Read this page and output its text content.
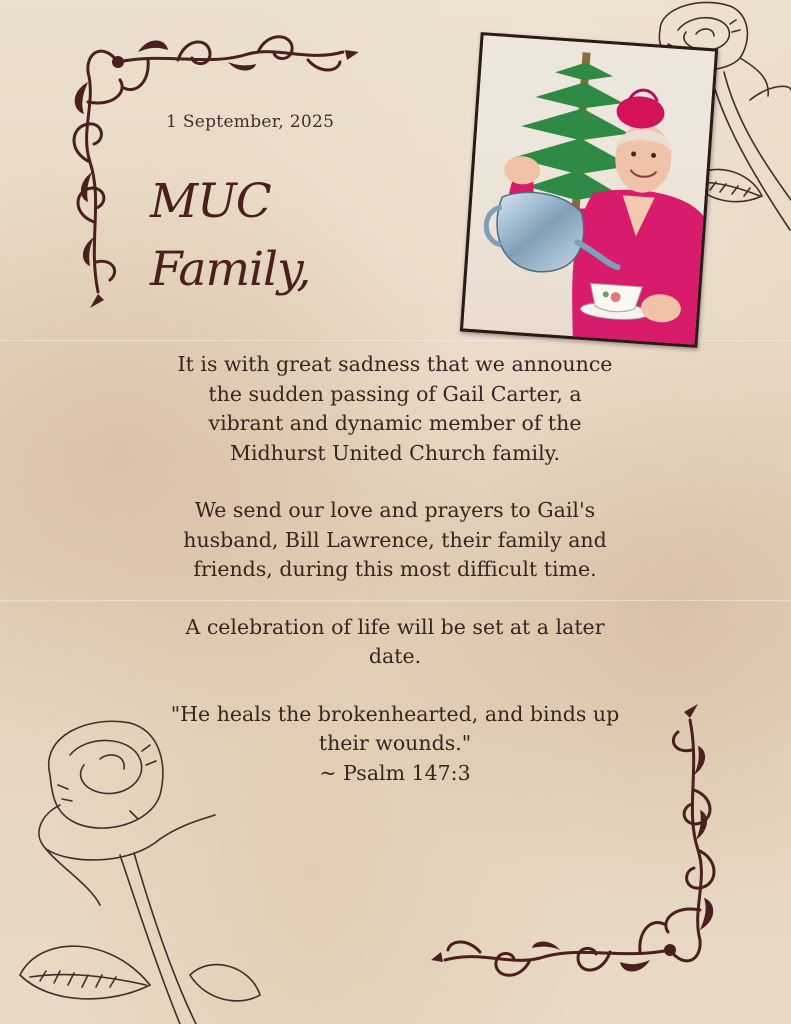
1 September, 2025
MUC Family,

It is with great sadness that we announce the sudden passing of Gail Carter, a vibrant and dynamic member of the Midhurst United Church family.

We send our love and prayers to Gail's husband, Bill Lawrence, their family and friends, during this most difficult time.

A celebration of life will be set at a later date.

"He heals the brokenhearted, and binds up their wounds."

~ Psalm 147:3
